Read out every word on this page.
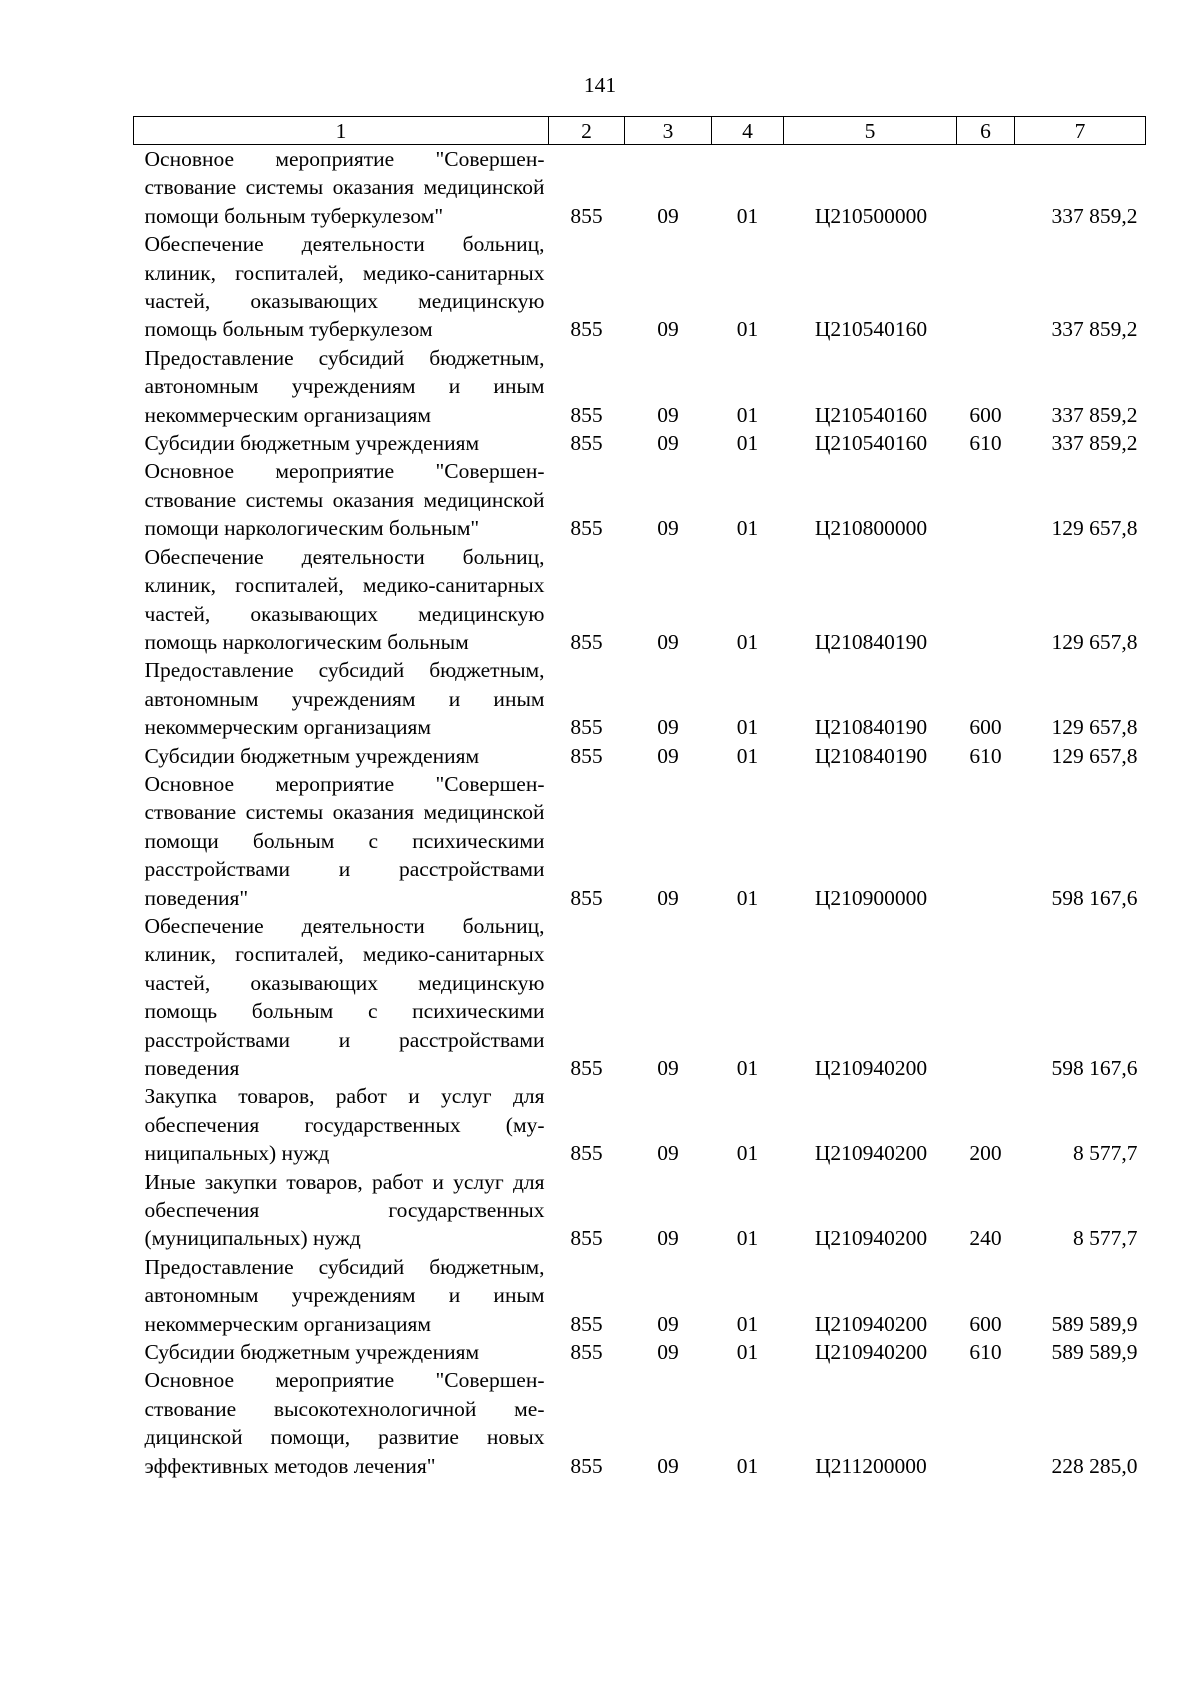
141
1	2	3	4	5	6	7
Основное мероприятие "Совершенствование системы оказания медицинской помощи больным туберкулезом"	855	09	01	Ц210500000		337 859,2
Обеспечение деятельности больниц, клиник, госпиталей, медико-санитарных частей, оказывающих медицинскую помощь больным туберкулезом	855	09	01	Ц210540160		337 859,2
Предоставление субсидий бюджетным, автономным учреждениям и иным некоммерческим организациям	855	09	01	Ц210540160	600	337 859,2
Субсидии бюджетным учреждениям	855	09	01	Ц210540160	610	337 859,2
Основное мероприятие "Совершенствование системы оказания медицинской помощи наркологическим больным"	855	09	01	Ц210800000		129 657,8
Обеспечение деятельности больниц, клиник, госпиталей, медико-санитарных частей, оказывающих медицинскую помощь наркологическим больным	855	09	01	Ц210840190		129 657,8
Предоставление субсидий бюджетным, автономным учреждениям и иным некоммерческим организациям	855	09	01	Ц210840190	600	129 657,8
Субсидии бюджетным учреждениям	855	09	01	Ц210840190	610	129 657,8
Основное мероприятие "Совершенствование системы оказания медицинской помощи больным с психическими расстройствами и расстройствами поведения"	855	09	01	Ц210900000		598 167,6
Обеспечение деятельности больниц, клиник, госпиталей, медико-санитарных частей, оказывающих медицинскую помощь больным с психическими расстройствами и расстройствами поведения	855	09	01	Ц210940200		598 167,6
Закупка товаров, работ и услуг для обеспечения государственных (муниципальных) нужд	855	09	01	Ц210940200	200	8 577,7
Иные закупки товаров, работ и услуг для обеспечения государственных (муниципальных) нужд	855	09	01	Ц210940200	240	8 577,7
Предоставление субсидий бюджетным, автономным учреждениям и иным некоммерческим организациям	855	09	01	Ц210940200	600	589 589,9
Субсидии бюджетным учреждениям	855	09	01	Ц210940200	610	589 589,9
Основное мероприятие "Совершенствование высокотехнологичной медицинской помощи, развитие новых эффективных методов лечения"	855	09	01	Ц211200000		228 285,0
